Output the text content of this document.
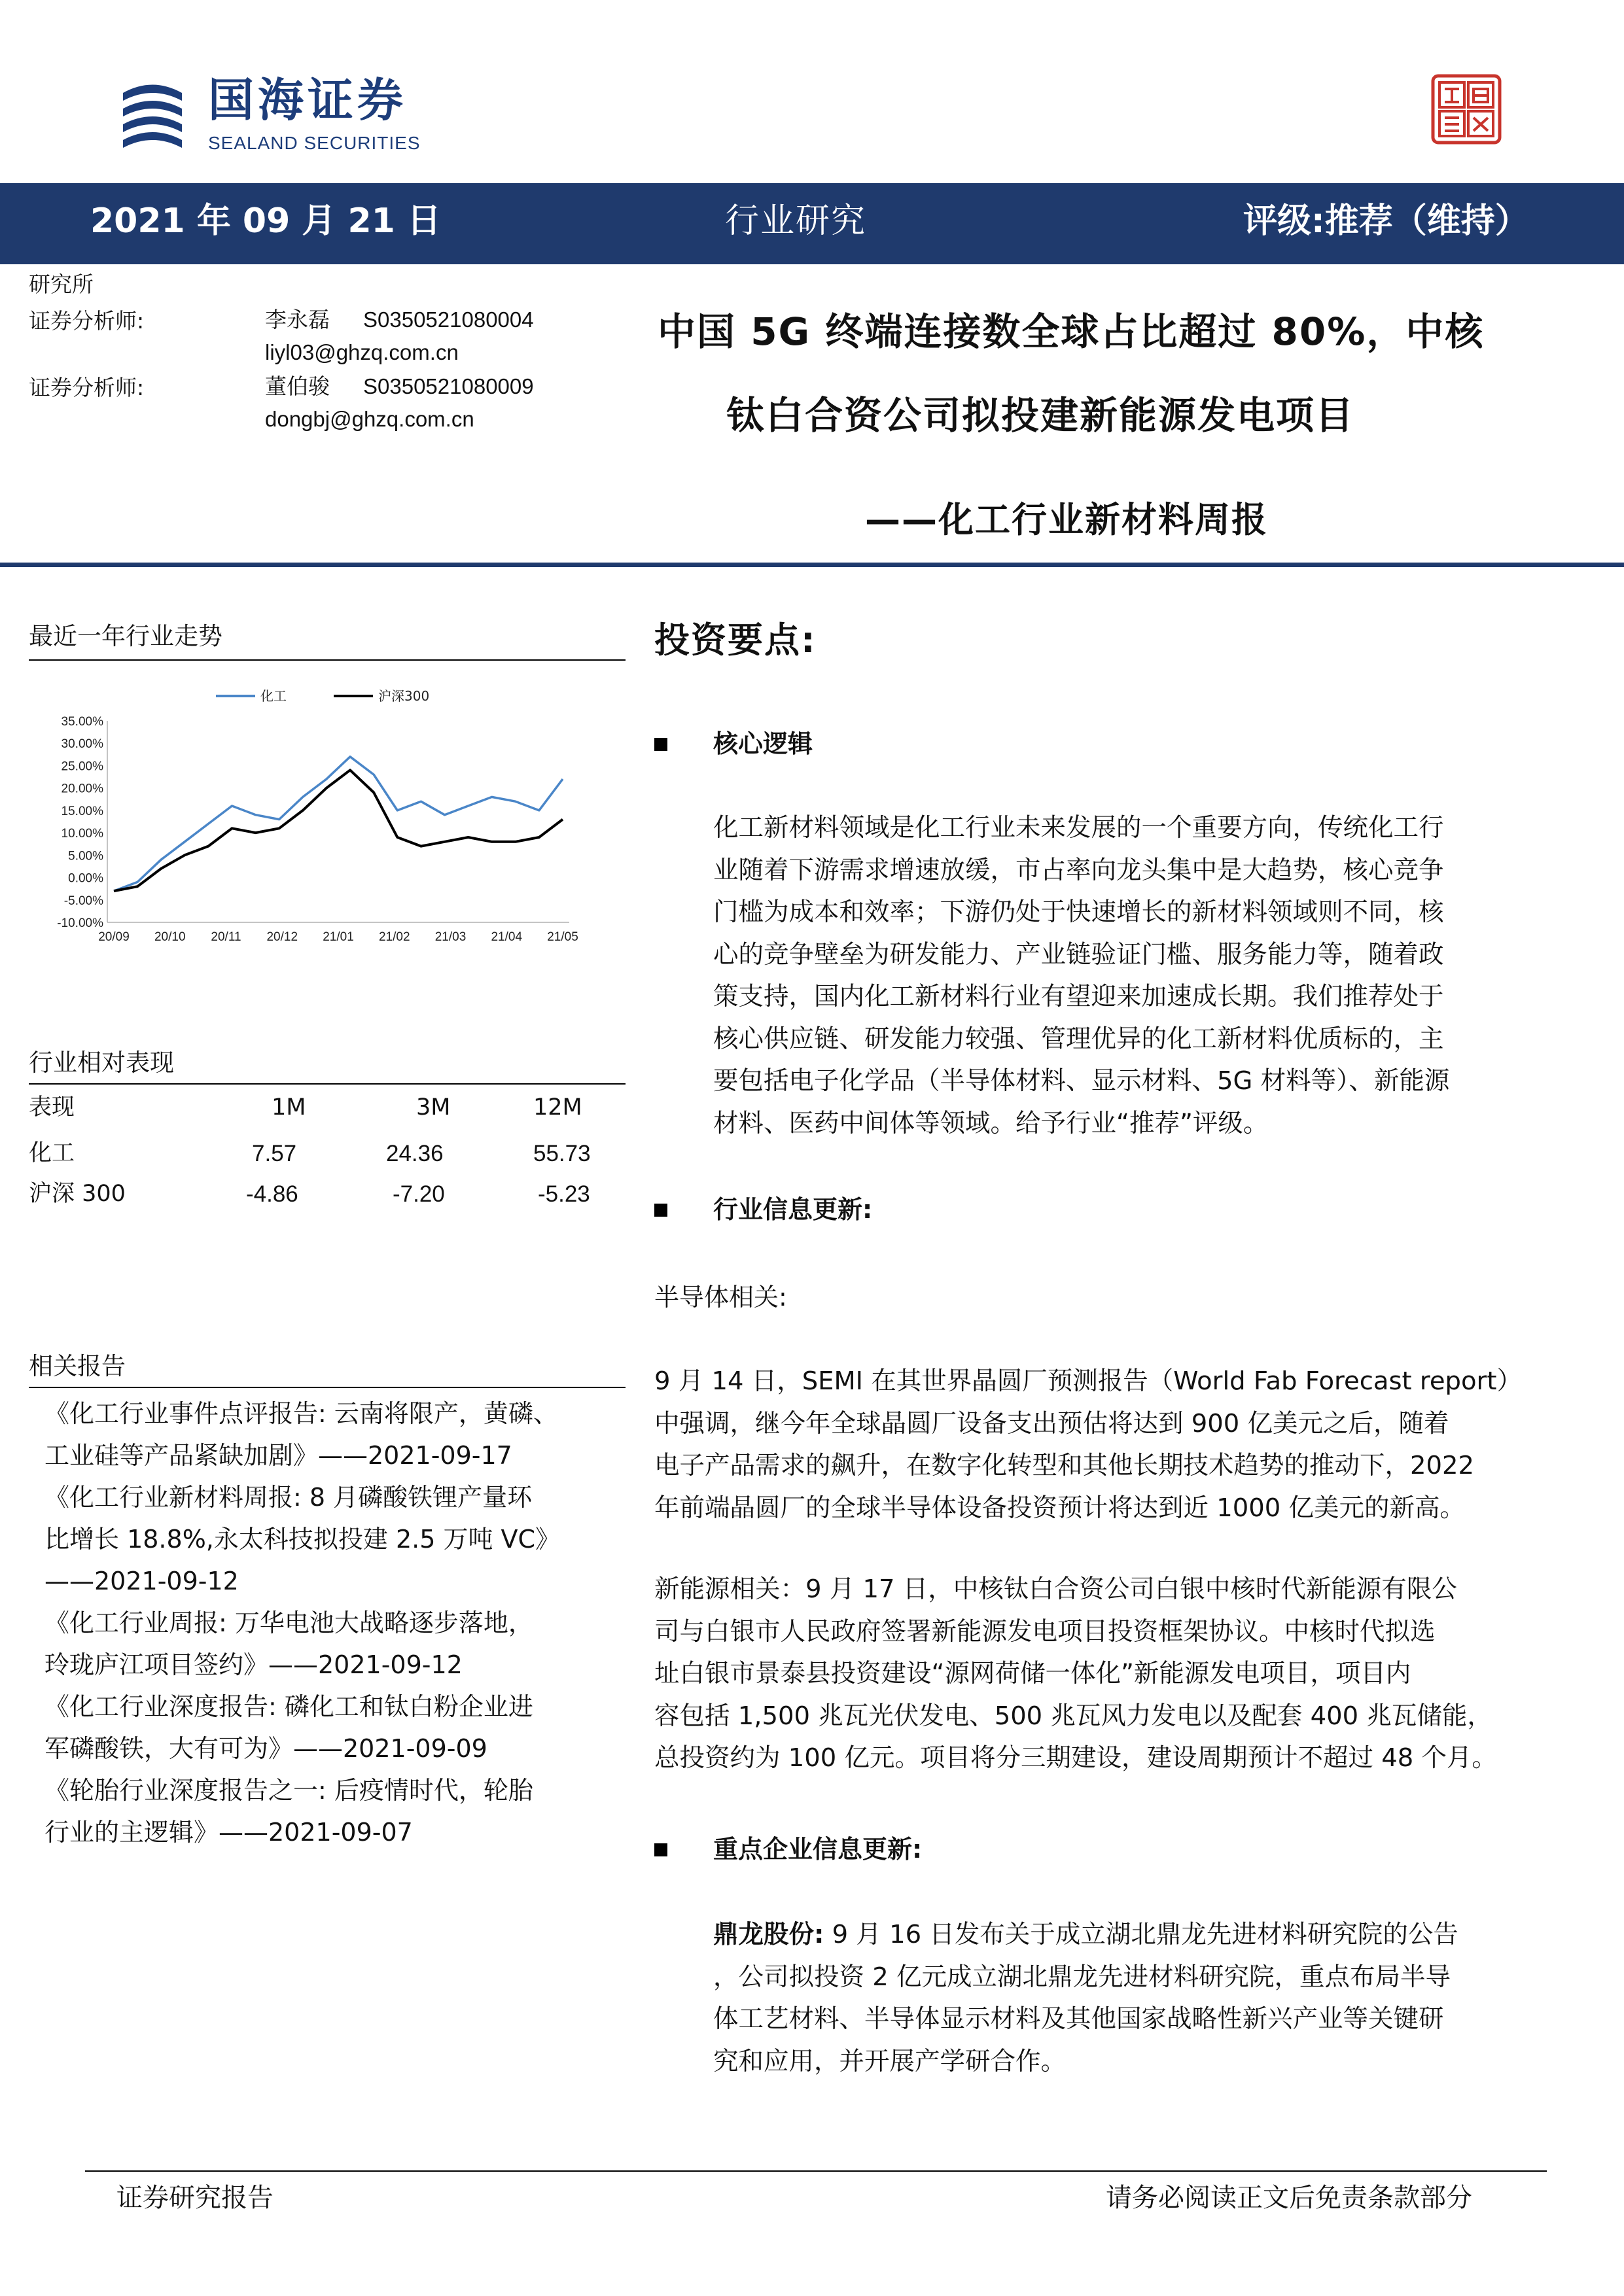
国海证券
SEALAND SECURITIES
2021 年 09 月 21 日	行业研究	评级:推荐（维持）
研究所
证券分析师:	李永磊 S0350521080004
liyl03@ghzq.com.cn
证券分析师:	董伯骏 S0350521080009
dongbj@ghzq.com.cn
中国 5G 终端连接数全球占比超过 80%，中核
钛白合资公司拟投建新能源发电项目
——化工行业新材料周报
最近一年行业走势
化工	沪深300
35.00%
30.00%
25.00%
20.00%
15.00%
10.00%
5.00%
0.00%
-5.00%
-10.00%
20/09 20/10 20/11 20/12 21/01 21/02 21/03 21/04 21/05
行业相对表现
表现	1M	3M	12M
化工	7.57	24.36	55.73
沪深 300	-4.86	-7.20	-5.23
相关报告
《化工行业事件点评报告: 云南将限产，黄磷、
工业硅等产品紧缺加剧》——2021-09-17
《化工行业新材料周报: 8 月磷酸铁锂产量环
比增长 18.8%,永太科技拟投建 2.5 万吨 VC》
——2021-09-12
《化工行业周报: 万华电池大战略逐步落地，
玲珑庐江项目签约》——2021-09-12
《化工行业深度报告: 磷化工和钛白粉企业进
军磷酸铁，大有可为》——2021-09-09
《轮胎行业深度报告之一: 后疫情时代，轮胎
行业的主逻辑》——2021-09-07
投资要点:
核心逻辑

化工新材料领域是化工行业未来发展的一个重要方向，传统化工行

业随着下游需求增速放缓，市占率向龙头集中是大趋势，核心竞争

门槛为成本和效率；下游仍处于快速增长的新材料领域则不同，核

心的竞争壁垒为研发能力、产业链验证门槛、服务能力等，随着政

策支持，国内化工新材料行业有望迎来加速成长期。我们推荐处于

核心供应链、研发能力较强、管理优异的化工新材料优质标的，主

要包括电子化学品（半导体材料、显示材料、5G 材料等）、新能源

材料、医药中间体等领域。给予行业“推荐”评级。

行业信息更新:
半导体相关:

9 月 14 日，SEMI 在其世界晶圆厂预测报告（World Fab Forecast report）

中强调，继今年全球晶圆厂设备支出预估将达到 900 亿美元之后，随着

电子产品需求的飙升，在数字化转型和其他长期技术趋势的推动下，2022

年前端晶圆厂的全球半导体设备投资预计将达到近 1000 亿美元的新高。

新能源相关：9 月 17 日，中核钛白合资公司白银中核时代新能源有限公

司与白银市人民政府签署新能源发电项目投资框架协议。中核时代拟选

址白银市景泰县投资建设“源网荷储一体化”新能源发电项目，项目内

容包括 1,500 兆瓦光伏发电、500 兆瓦风力发电以及配套 400 兆瓦储能，

总投资约为 100 亿元。项目将分三期建设，建设周期预计不超过 48 个月。

重点企业信息更新:

鼎龙股份: 9 月 16 日发布关于成立湖北鼎龙先进材料研究院的公告

，公司拟投资 2 亿元成立湖北鼎龙先进材料研究院，重点布局半导

体工艺材料、半导体显示材料及其他国家战略性新兴产业等关键研

究和应用，并开展产学研合作。

证券研究报告	请务必阅读正文后免责条款部分
